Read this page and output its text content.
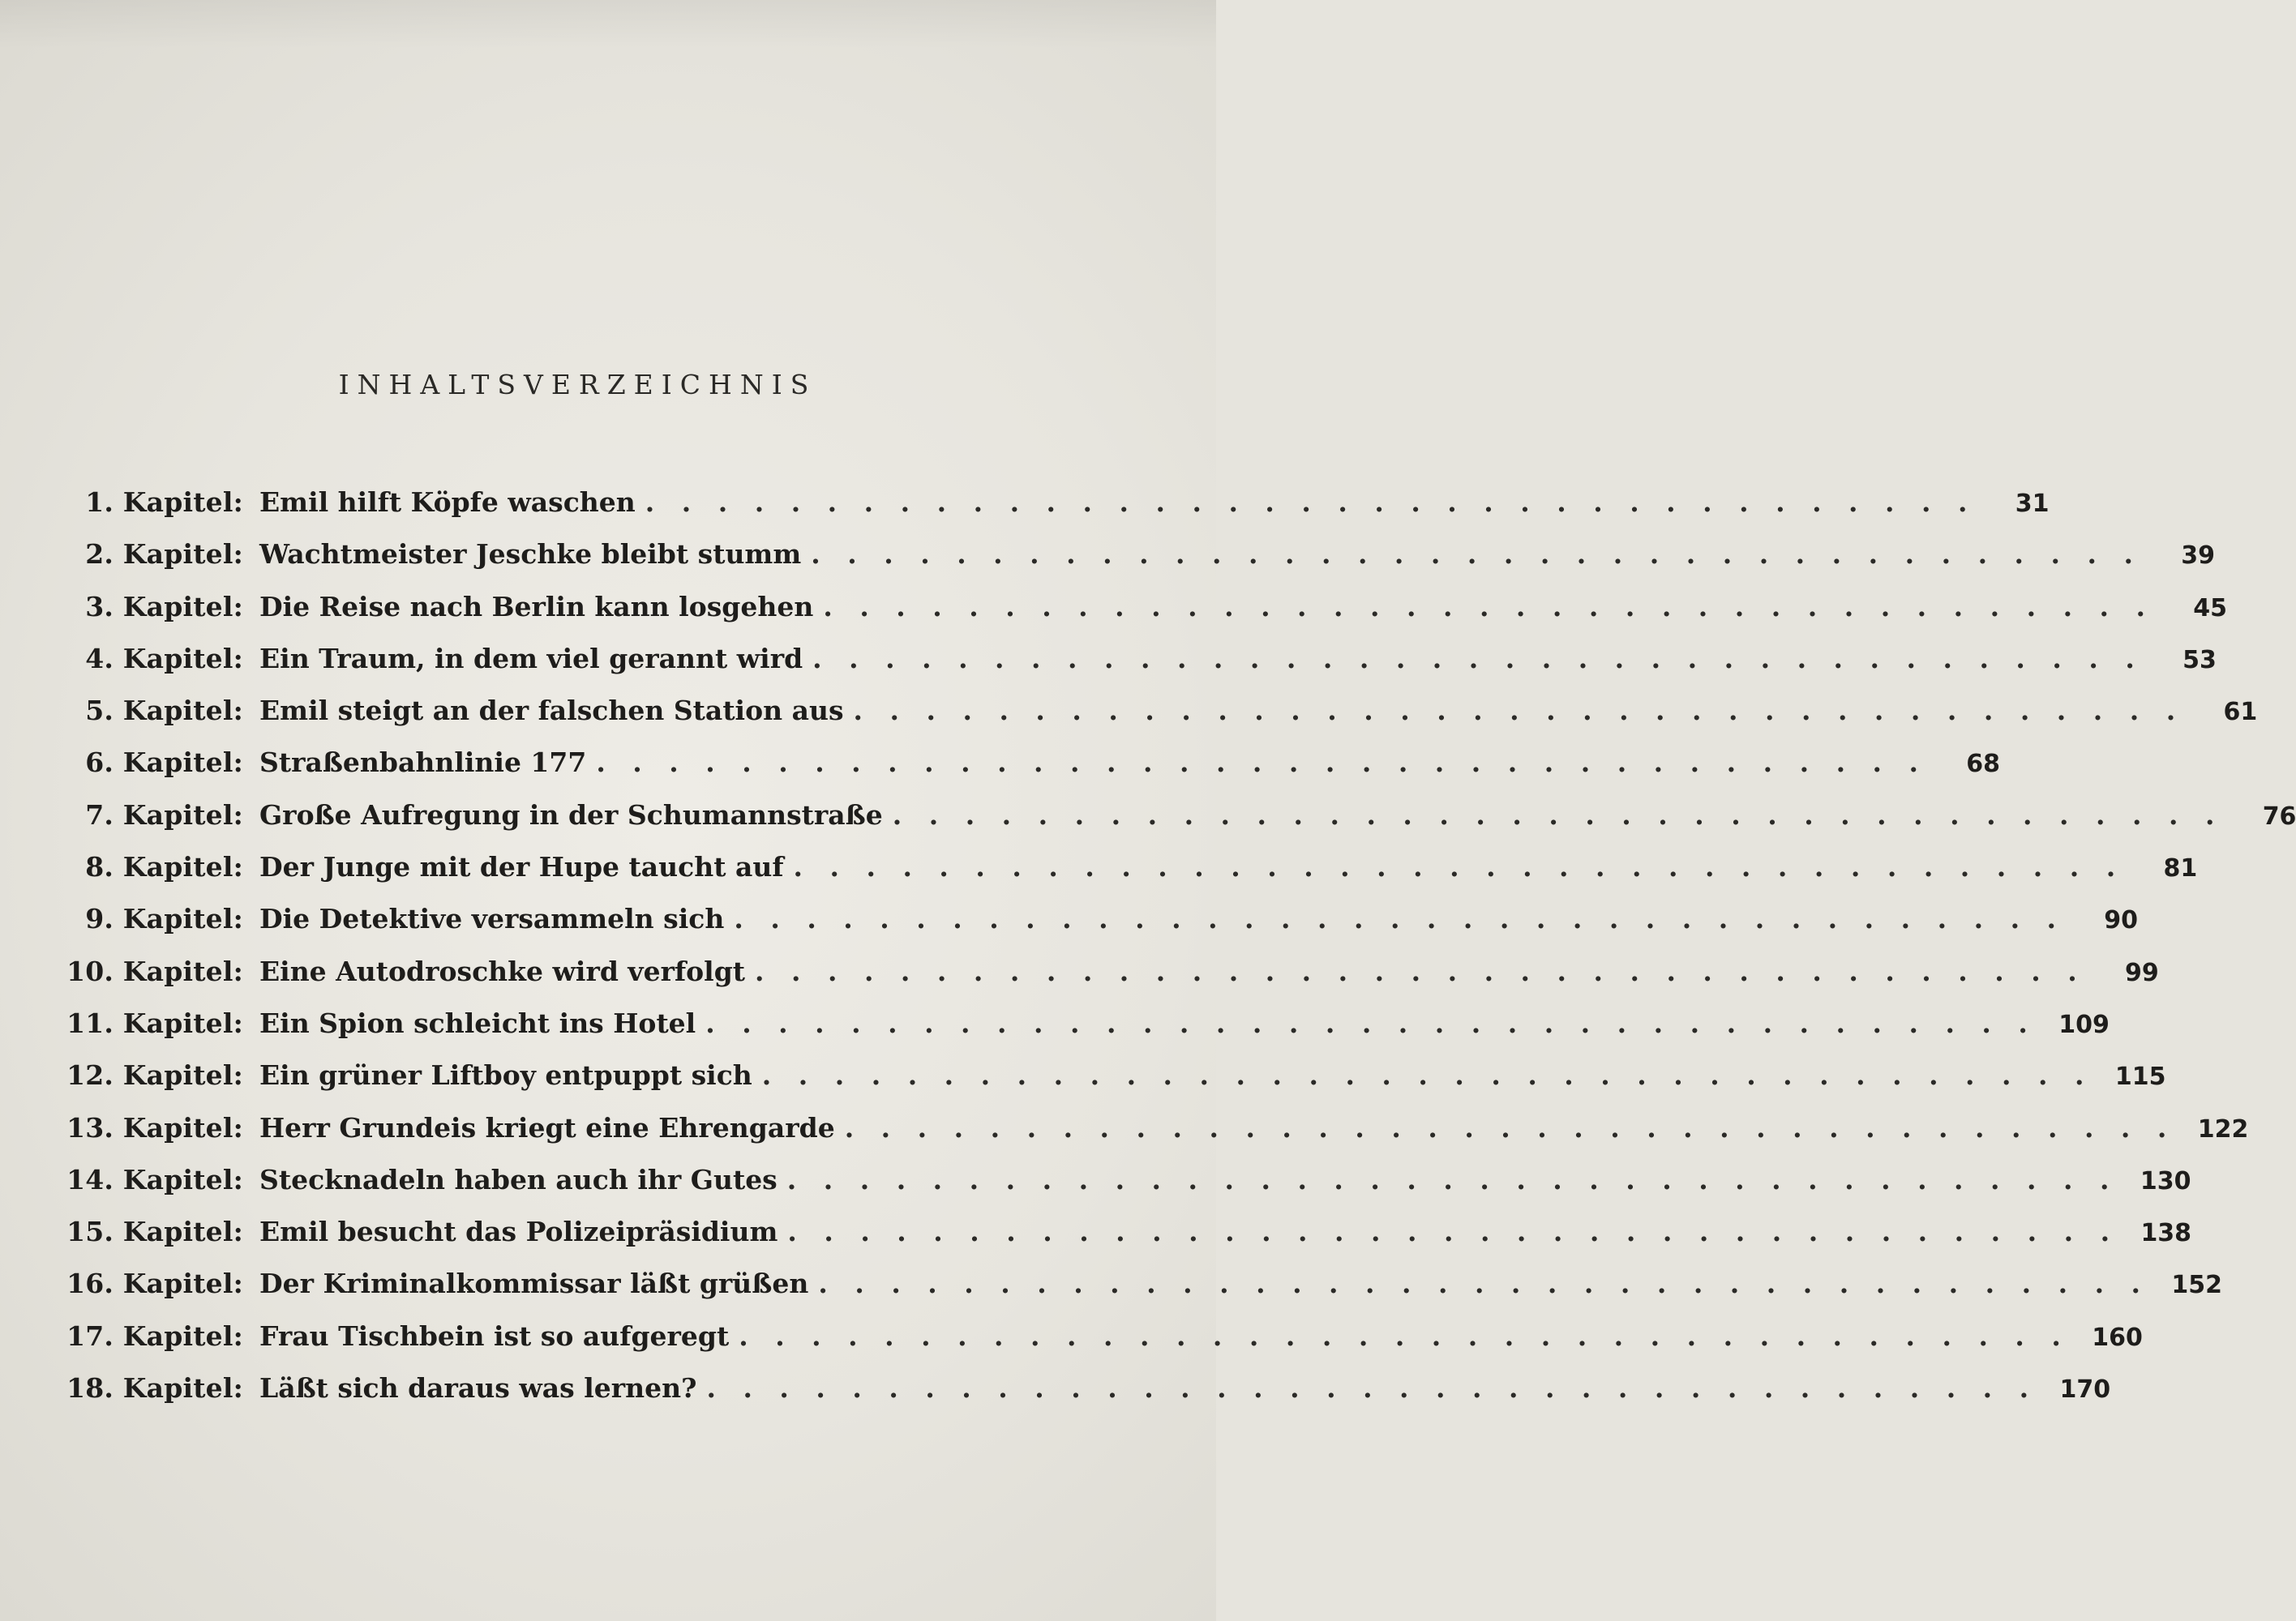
INHALTSVERZEICHNIS
1. Kapitel: Emil hilft Köpfe waschen . . . . . . . . . . . . . . . . . . . . . . . . . . . . . . . . . . . . .	31
2. Kapitel: Wachtmeister Jeschke bleibt stumm . . . . . . . . . . . . . . . . . . . . . . . . . . . . . . . . . . . . .	39
3. Kapitel: Die Reise nach Berlin kann losgehen . . . . . . . . . . . . . . . . . . . . . . . . . . . . . . . . . . . . .	45
4. Kapitel: Ein Traum, in dem viel gerannt wird . . . . . . . . . . . . . . . . . . . . . . . . . . . . . . . . . . . . .	53
5. Kapitel: Emil steigt an der falschen Station aus . . . . . . . . . . . . . . . . . . . . . . . . . . . . . . . . . . . . .	61
6. Kapitel: Straßenbahnlinie 177 . . . . . . . . . . . . . . . . . . . . . . . . . . . . . . . . . . . . .	68
7. Kapitel: Große Aufregung in der Schumannstraße . . . . . . . . . . . . . . . . . . . . . . . . . . . . . . . . . . . . .	76
8. Kapitel: Der Junge mit der Hupe taucht auf . . . . . . . . . . . . . . . . . . . . . . . . . . . . . . . . . . . . .	81
9. Kapitel: Die Detektive versammeln sich . . . . . . . . . . . . . . . . . . . . . . . . . . . . . . . . . . . . .	90
10. Kapitel: Eine Autodroschke wird verfolgt . . . . . . . . . . . . . . . . . . . . . . . . . . . . . . . . . . . . .	99
11. Kapitel: Ein Spion schleicht ins Hotel . . . . . . . . . . . . . . . . . . . . . . . . . . . . . . . . . . . . . 109
12. Kapitel: Ein grüner Liftboy entpuppt sich . . . . . . . . . . . . . . . . . . . . . . . . . . . . . . . . . . . . . 115
13. Kapitel: Herr Grundeis kriegt eine Ehrengarde . . . . . . . . . . . . . . . . . . . . . . . . . . . . . . . . . . . . . 122
14. Kapitel: Stecknadeln haben auch ihr Gutes . . . . . . . . . . . . . . . . . . . . . . . . . . . . . . . . . . . . . 130
15. Kapitel: Emil besucht das Polizeipräsidium . . . . . . . . . . . . . . . . . . . . . . . . . . . . . . . . . . . . . 138
16. Kapitel: Der Kriminalkommissar läßt grüßen . . . . . . . . . . . . . . . . . . . . . . . . . . . . . . . . . . . . . 152
17. Kapitel: Frau Tischbein ist so aufgeregt . . . . . . . . . . . . . . . . . . . . . . . . . . . . . . . . . . . . . 160
18. Kapitel: Läßt sich daraus was lernen? . . . . . . . . . . . . . . . . . . . . . . . . . . . . . . . . . . . . . 170
